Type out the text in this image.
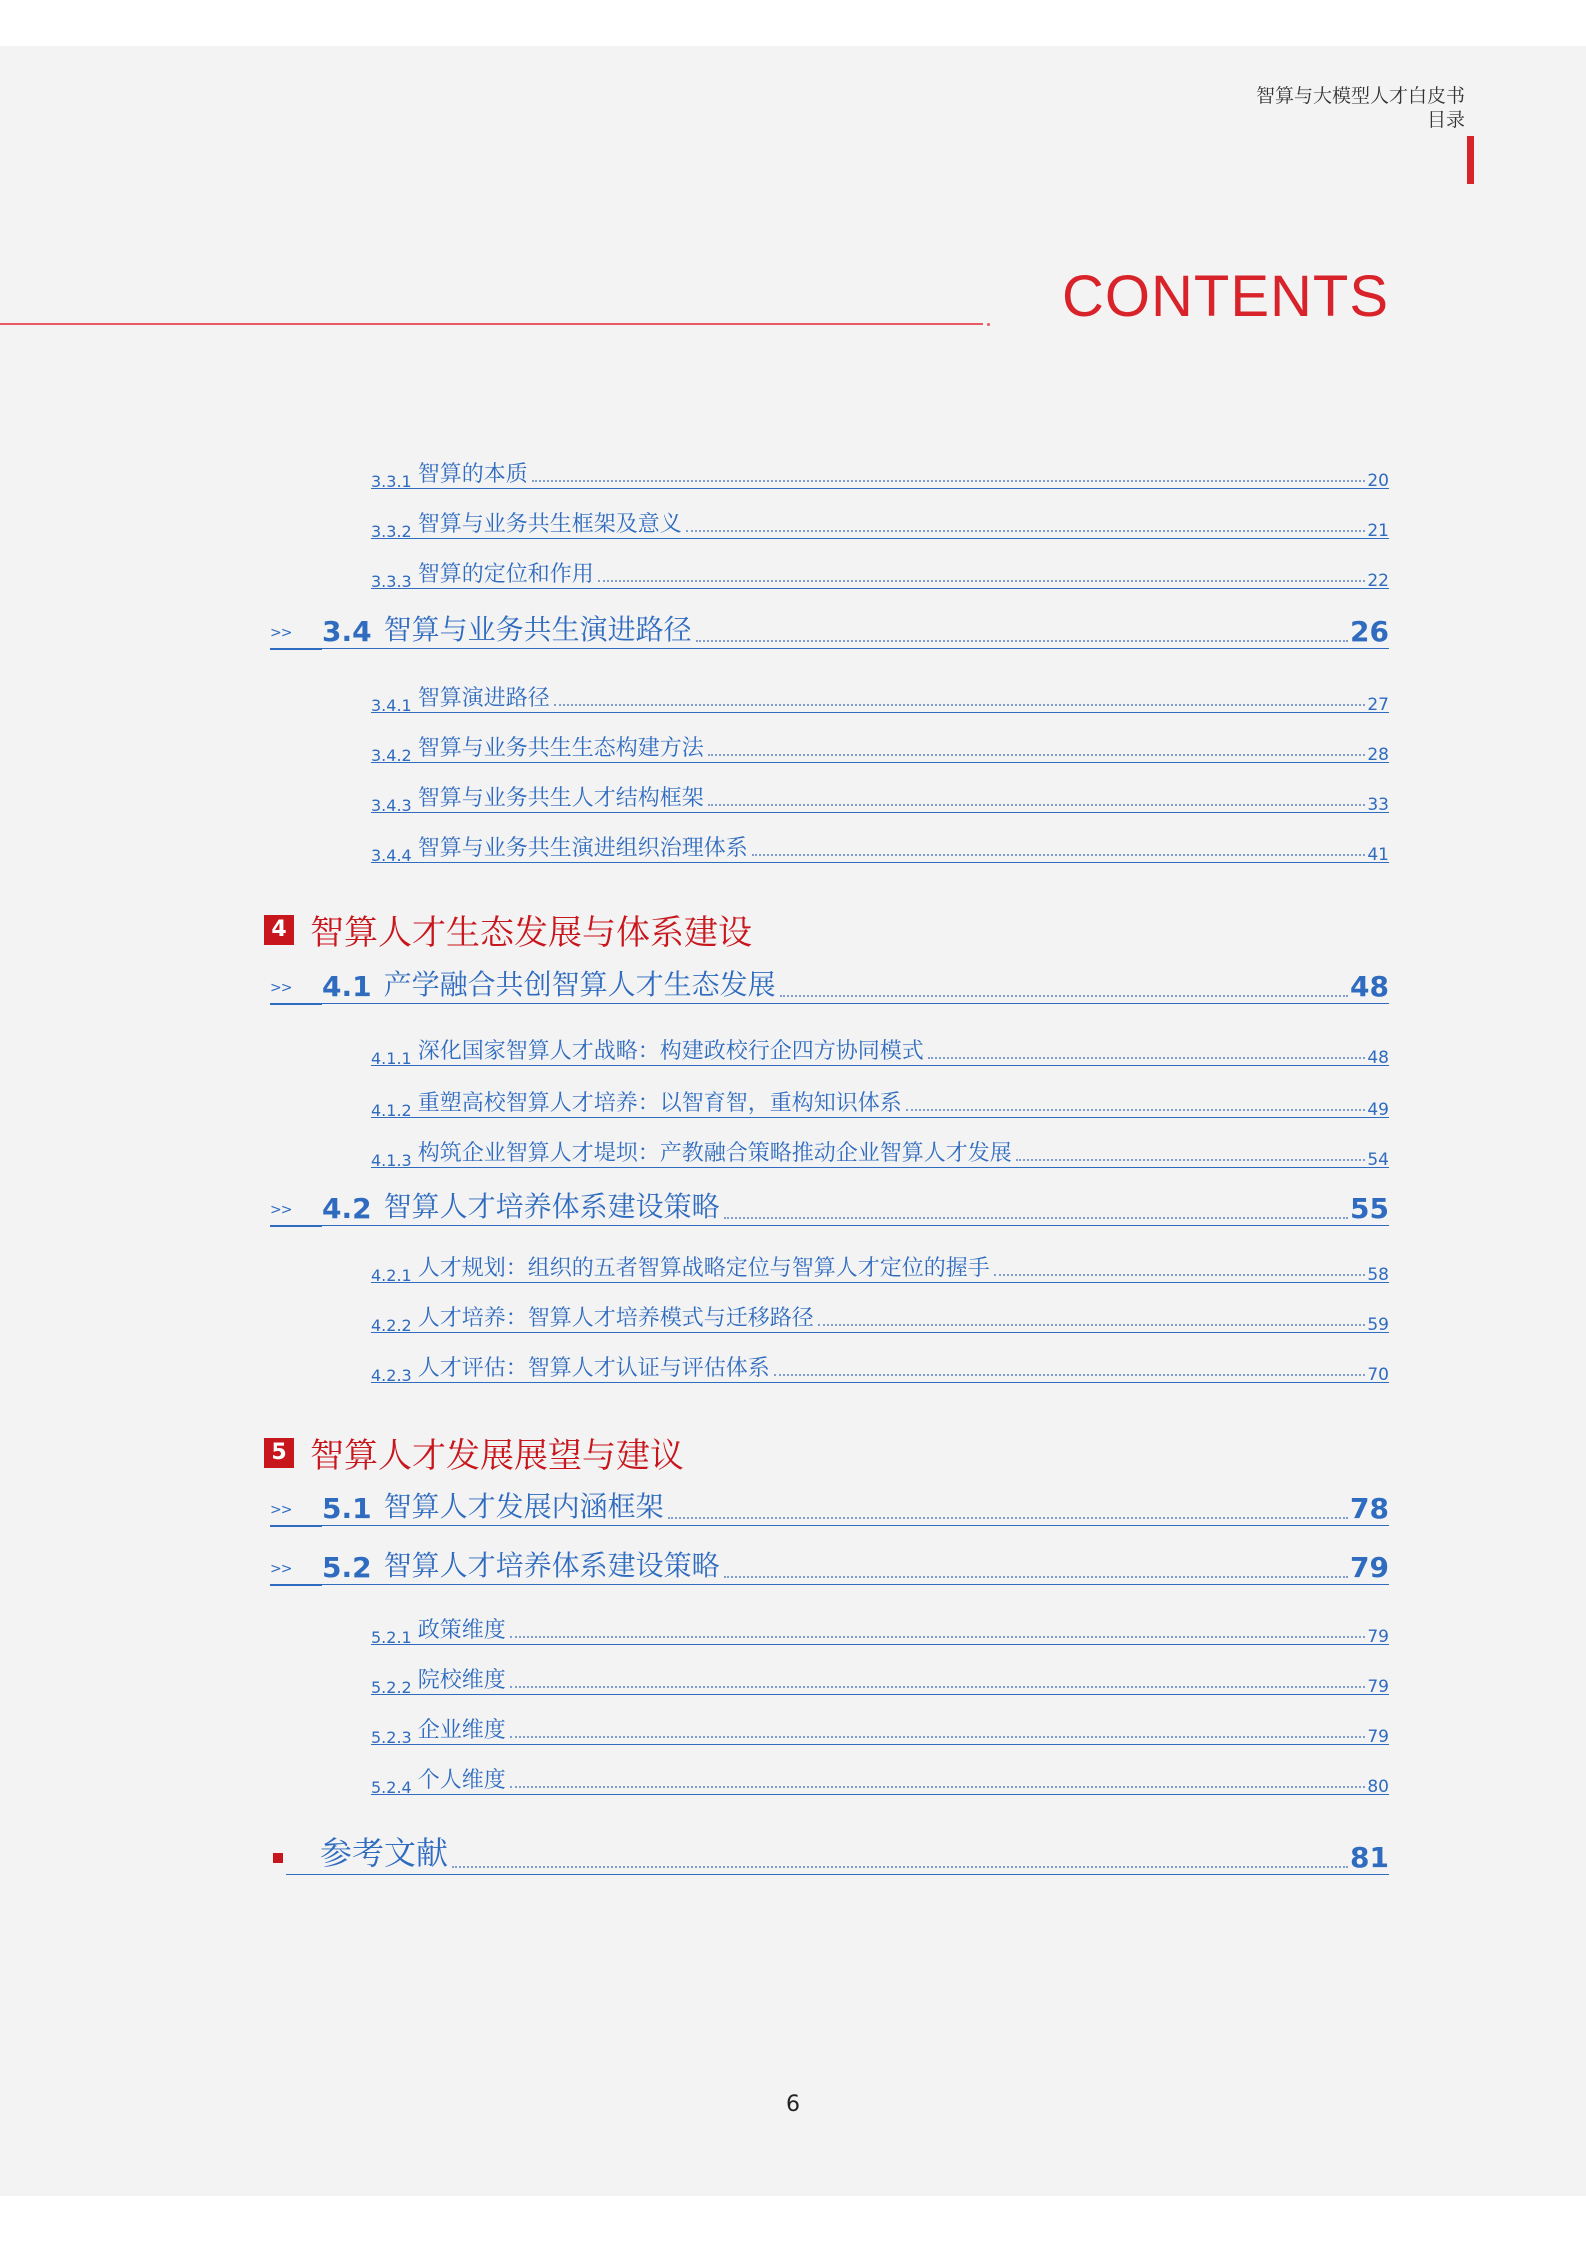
智算与大模型人才白皮书
目录
CONTENTS
3.3.1 智算的本质	20
3.3.2 智算与业务共生框架及意义	21
3.3.3 智算的定位和作用	22
>> 3.4 智算与业务共生演进路径	26
3.4.1 智算演进路径	27
3.4.2 智算与业务共生生态构建方法	28
3.4.3 智算与业务共生人才结构框架	33
3.4.4 智算与业务共生演进组织治理体系	41
4 智算人才生态发展与体系建设
>> 4.1 产学融合共创智算人才生态发展	48
4.1.1 深化国家智算人才战略：构建政校行企四方协同模式	48
4.1.2 重塑高校智算人才培养：以智育智，重构知识体系	49
4.1.3 构筑企业智算人才堤坝：产教融合策略推动企业智算人才发展	54
>> 4.2 智算人才培养体系建设策略	55
4.2.1 人才规划：组织的五者智算战略定位与智算人才定位的握手	58
4.2.2 人才培养：智算人才培养模式与迁移路径	59
4.2.3 人才评估：智算人才认证与评估体系	70
5 智算人才发展展望与建议
>> 5.1 智算人才发展内涵框架	78
>> 5.2 智算人才培养体系建设策略	79
5.2.1 政策维度	79
5.2.2 院校维度	79
5.2.3 企业维度	79
5.2.4 个人维度	80
参考文献	81
6
